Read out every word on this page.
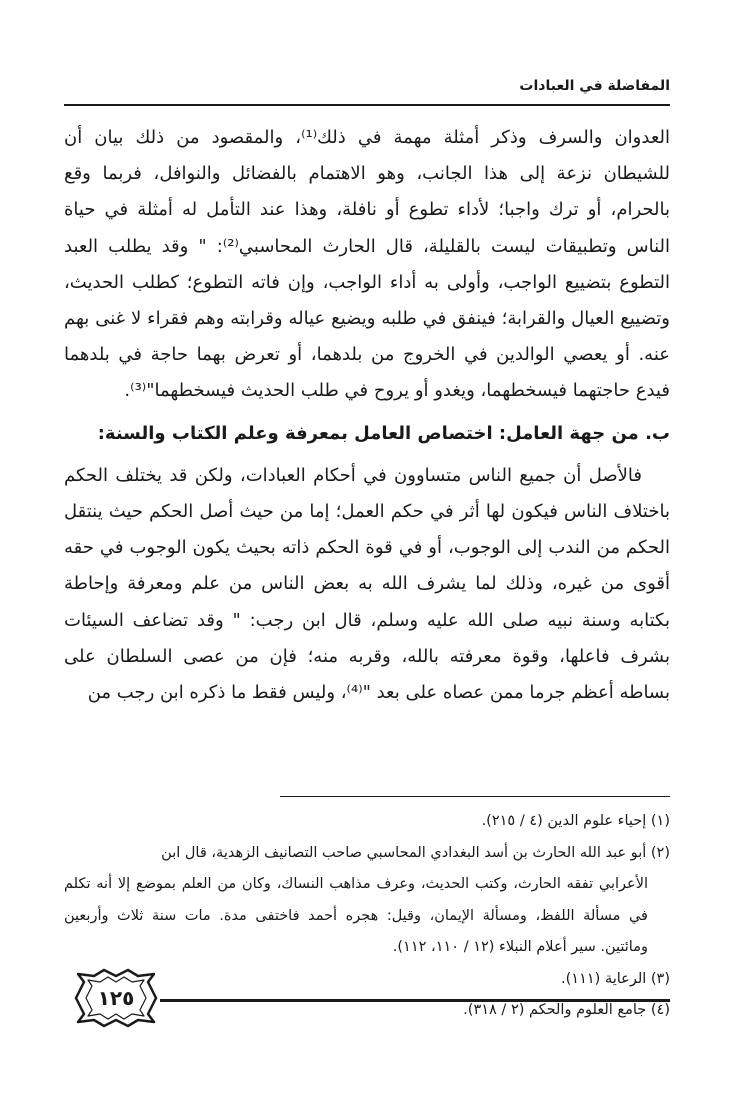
المفاضلة في العبادات

العدوان والسرف وذكر أمثلة مهمة في ذلك⁽¹⁾، والمقصود من ذلك بيان أن للشيطان نزعة إلى هذا الجانب، وهو الاهتمام بالفضائل والنوافل، فربما وقع بالحرام، أو ترك واجبا؛ لأداء تطوع أو نافلة، وهذا عند التأمل له أمثلة في حياة الناس وتطبيقات ليست بالقليلة، قال الحارث المحاسبي⁽²⁾: " وقد يطلب العبد التطوع بتضييع الواجب، وأولى به أداء الواجب، وإن فاته التطوع؛ كطلب الحديث، وتضييع العيال والقرابة؛ فينفق في طلبه ويضيع عياله وقرابته وهم فقراء لا غنى بهم عنه. أو يعصي الوالدين في الخروج من بلدهما، أو تعرض بهما حاجة في بلدهما فيدع حاجتهما فيسخطهما، ويغدو أو يروح في طلب الحديث فيسخطهما"⁽³⁾.

ب. من جهة العامل: اختصاص العامل بمعرفة وعلم الكتاب والسنة:

فالأصل أن جميع الناس متساوون في أحكام العبادات، ولكن قد يختلف الحكم باختلاف الناس فيكون لها أثر في حكم العمل؛ إما من حيث أصل الحكم حيث ينتقل الحكم من الندب إلى الوجوب، أو في قوة الحكم ذاته بحيث يكون الوجوب في حقه أقوى من غيره، وذلك لما يشرف الله به بعض الناس من علم ومعرفة وإحاطة بكتابه وسنة نبيه صلى الله عليه وسلم، قال ابن رجب: " وقد تضاعف السيئات بشرف فاعلها، وقوة معرفته بالله، وقربه منه؛ فإن من عصى السلطان على بساطه أعظم جرما ممن عصاه على بعد "⁽⁴⁾، وليس فقط ما ذكره ابن رجب من

(١) إحياء علوم الدين (٤ / ٢١٥).

(٢) أبو عبد الله الحارث بن أسد البغدادي المحاسبي صاحب التصانيف الزهدية، قال ابن

الأعرابي تفقه الحارث، وكتب الحديث، وعرف مذاهب النساك، وكان من العلم بموضع إلا أنه تكلم في مسألة اللفظ، ومسألة الإيمان، وقيل: هجره أحمد فاختفى مدة. مات سنة ثلاث وأربعين ومائتين. سير أعلام النبلاء (١٢ / ١١٠، ١١٢).

(٣) الرعاية (١١١).

(٤) جامع العلوم والحكم (٢ / ٣١٨).

١٢٥
